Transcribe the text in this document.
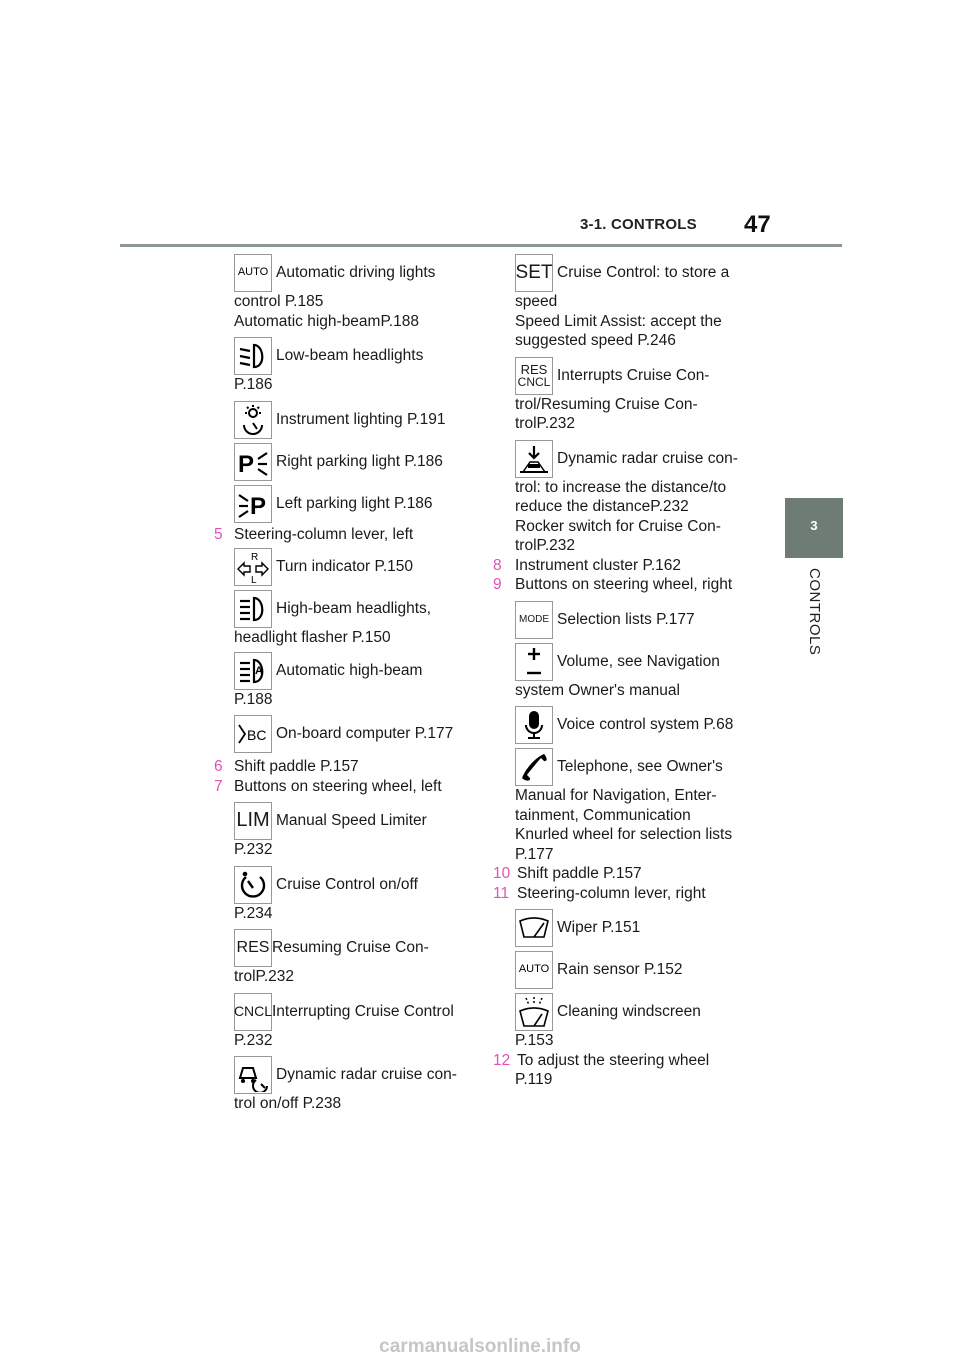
3-1. CONTROLS 47
3
CONTROLS
AUTO Automatic driving lights

control P.185

Automatic high-beamP.188

Low-beam headlights

P.186

Instrument lighting P.191
P Right parking light P.186
P Left parking light P.186
5 Steering-column lever, left
R
L
Turn indicator P.150
High-beam headlights,

headlight flasher P.150

A Automatic high-beam

P.188

BC On-board computer P.177
6 Shift paddle P.157
7 Buttons on steering wheel, left
LIM Manual Speed Limiter

P.232

Cruise Control on/off

P.234

RES Resuming Cruise Con-

trolP.232

CNCL Interrupting Cruise Control

P.232

Dynamic radar cruise con-

trol on/off P.238

SET Cruise Control: to store a

speed

Speed Limit Assist: accept the

suggested speed P.246

RES
CNCL Interrupts Cruise Con-

trol/Resuming Cruise Con-

trolP.232

Dynamic radar cruise con-

trol: to increase the distance/to

reduce the distanceP.232

Rocker switch for Cruise Con-

trolP.232

8 Instrument cluster P.162
9 Buttons on steering wheel, right
MODE Selection lists P.177
Volume, see Navigation

system Owner's manual

Voice control system P.68
Telephone, see Owner's

Manual for Navigation, Enter-

tainment, Communication

Knurled wheel for selection lists

P.177

10 Shift paddle P.157
11 Steering-column lever, right
Wiper P.151
AUTO Rain sensor P.152
Cleaning windscreen

P.153

12 To adjust the steering wheel

P.119

carmanualsonline.info
